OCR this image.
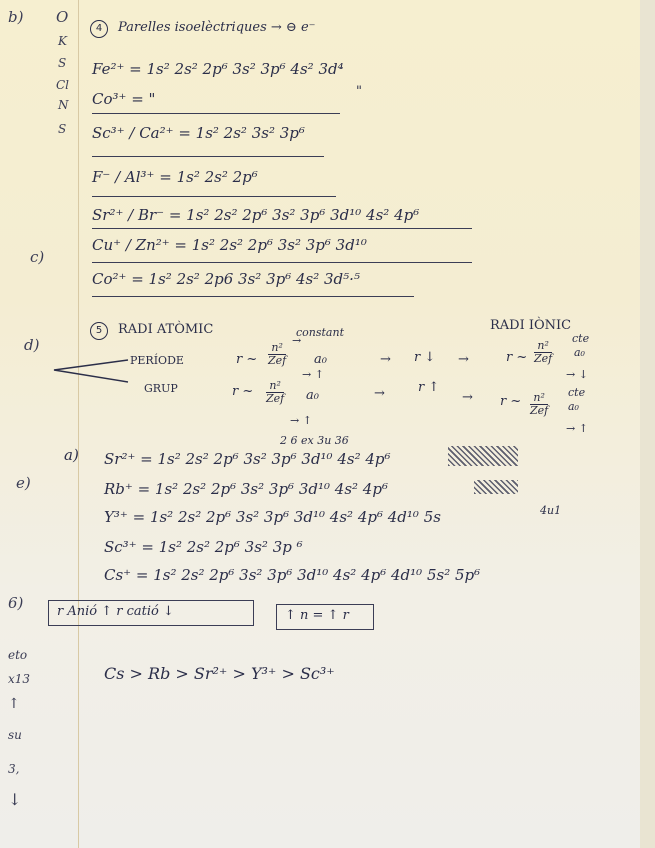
b) O
K
S
Cl
N
S
c)
d)
e)
6)
eto
x13
↑
su
3,
↓
4	Parelles isoelèctriques → ⊖ e⁻
Fe²⁺ = 1s² 2s² 2p⁶ 3s² 3p⁶ 4s² 3d⁴
"
Co³⁺ = "
Sc³⁺ / Ca²⁺ = 1s² 2s² 3s² 3p⁶
F⁻ / Al³⁺ = 1s² 2s² 2p⁶
Sr²⁺ / Br⁻ = 1s² 2s² 2p⁶ 3s² 3p⁶ 3d¹⁰ 4s² 4p⁶
Cu⁺ / Zn²⁺ = 1s² 2s² 2p⁶ 3s² 3p⁶ 3d¹⁰
Co²⁺ = 1s² 2s² 2p6 3s² 3p⁶ 4s² 3d⁵·⁵
5	RADI ATÒMIC	constant	RADI IÒNIC
PERÍODE	r ~
n²
Zef a₀
→
→ r ↓ →	r ~
n²
Zef
cte
a₀
→ ↓
GRUP	r ~	n²
Zef a₀
→ ↑
→ ↑
→	r ↑
→ r ~	n²
Zef
cte
a₀
→ ↑
2 6 ex 3u 36
a) Sr²⁺ = 1s² 2s² 2p⁶ 3s² 3p⁶ 3d¹⁰ 4s² 4p⁶
Rb⁺ = 1s² 2s² 2p⁶ 3s² 3p⁶ 3d¹⁰ 4s² 4p⁶
Y³⁺ = 1s² 2s² 2p⁶ 3s² 3p⁶ 3d¹⁰ 4s² 4p⁶ 4d¹⁰ 5s	4u1
Sc³⁺ = 1s² 2s² 2p⁶ 3s² 3p ⁶
Cs⁺ = 1s² 2s² 2p⁶ 3s² 3p⁶ 3d¹⁰ 4s² 4p⁶ 4d¹⁰ 5s² 5p⁶
r Anió ↑ r catió ↓	↑ n = ↑ r
Cs > Rb > Sr²⁺ > Y³⁺ > Sc³⁺
